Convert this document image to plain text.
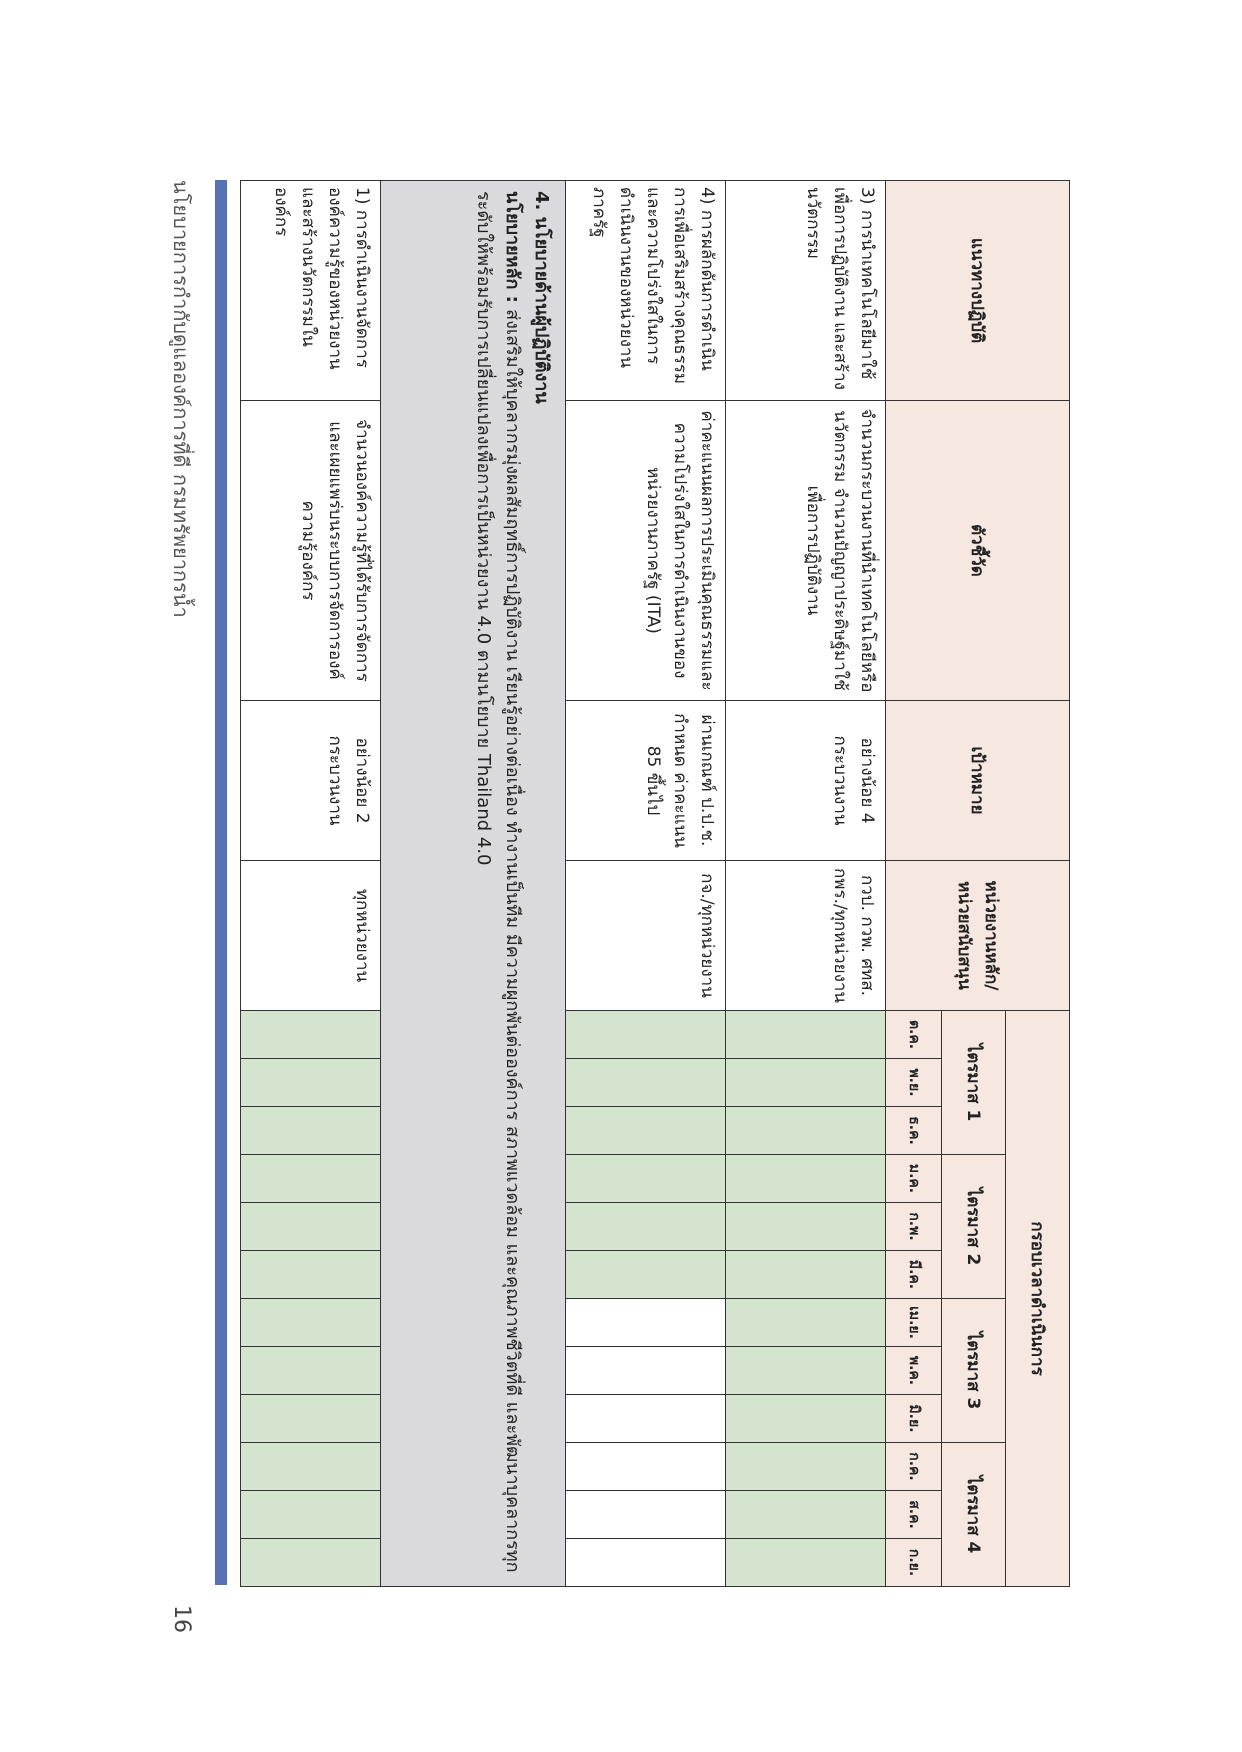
แนวทางปฏิบัติ	ตัวชี้วัด	เป้าหมาย	หน่วยงานหลัก/หน่วยสนับสนุน	กรอบเวลาดำเนินการ											
				ไตรมาส 1			ไตรมาส 2			ไตรมาส 3			ไตรมาส 4		
				ต.ค.	พ.ย.	ธ.ค.	ม.ค.	ก.พ.	มี.ค.	เม.ย.	พ.ค.	มิ.ย.	ก.ค.	ส.ค.	ก.ย.
3) การนำเทคโนโลยีมาใช้เพื่อการปฏิบัติงาน และสร้างนวัตกรรม	จำนวนกระบวนงานที่นำเทคโนโลยีหรือนวัตกรรม จำนวนปัญญาประดิษฐ์มาใช้เพื่อการปฏิบัติงาน	อย่างน้อย 4 กระบวนงาน	กวป. กวพ. ศทส. กพร./ทุกหน่วยงาน												
4) การผลักดันการดำเนินการเพื่อเสริมสร้างคุณธรรมและความโปร่งใสในการดำเนินงานของหน่วยงานภาครัฐ	ค่าคะแนนผลการประเมินคุณธรรมและความโปร่งใสในการดำเนินงานของหน่วยงานภาครัฐ (ITA)	ผ่านเกณฑ์ ป.ป.ช. กำหนด ค่าคะแนน 85 ขึ้นไป	กจ./ทุกหน่วยงาน												

4. นโยบายด้านผู้ปฏิบัติงาน
นโยบายหลัก : ส่งเสริมให้บุคลากรมุ่งผลสัมฤทธิ์การปฏิบัติงาน เรียนรู้อย่างต่อเนื่อง ทำงานเป็นทีม มีความผูกพันต่อองค์การ สภาพแวดล้อม และคุณภาพชีวิตที่ดี และพัฒนาบุคลากรทุกระดับให้พร้อมรับการเปลี่ยนแปลงเพื่อการเป็นหน่วยงาน 4.0 ตามนโยบาย Thailand 4.0															

1) การดำเนินงานจัดการองค์ความรู้ของหน่วยงานและสร้างนวัตกรรมในองค์กร	จำนวนองค์ความรู้ที่ได้รับการจัดการ และเผยแพร่บนระบบการจัดการองค์ความรู้องค์กร	อย่างน้อย 2 กระบวนงาน	ทุกหน่วยงาน												
นโยบายการกำกับดูแลองค์การที่ดี กรมทรัพยากรน้ำ
16
